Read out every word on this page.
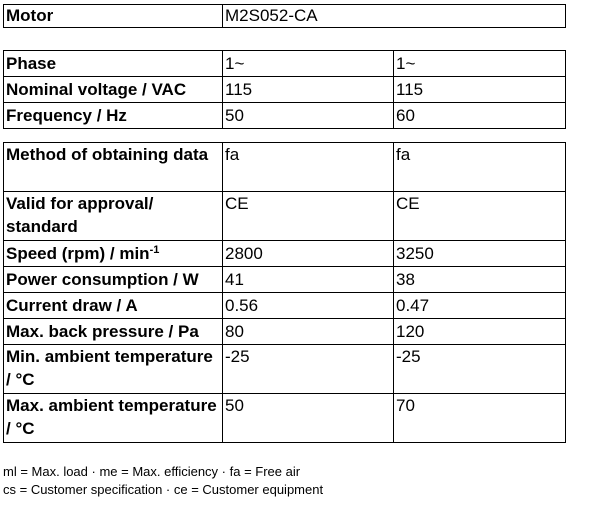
Motor	M2S052-CA
Phase	1~	1~
Nominal voltage / VAC	115	115
Frequency / Hz	50	60
Method of obtaining data	fa	fa
Valid for approval/ standard	CE	CE
Speed $(rpm) / \min^{-1}$	2800	3250
Power consumption / W	41	38
Current draw / A	0.56	0.47
Max. back pressure / Pa	80	120
Min. ambient temperature / °C	-25	-25
Max. ambient temperature / °C	50	70
ml = Max. load · me = Max. efficiency · fa = Free air
cs = Customer specification · ce = Customer equipment
